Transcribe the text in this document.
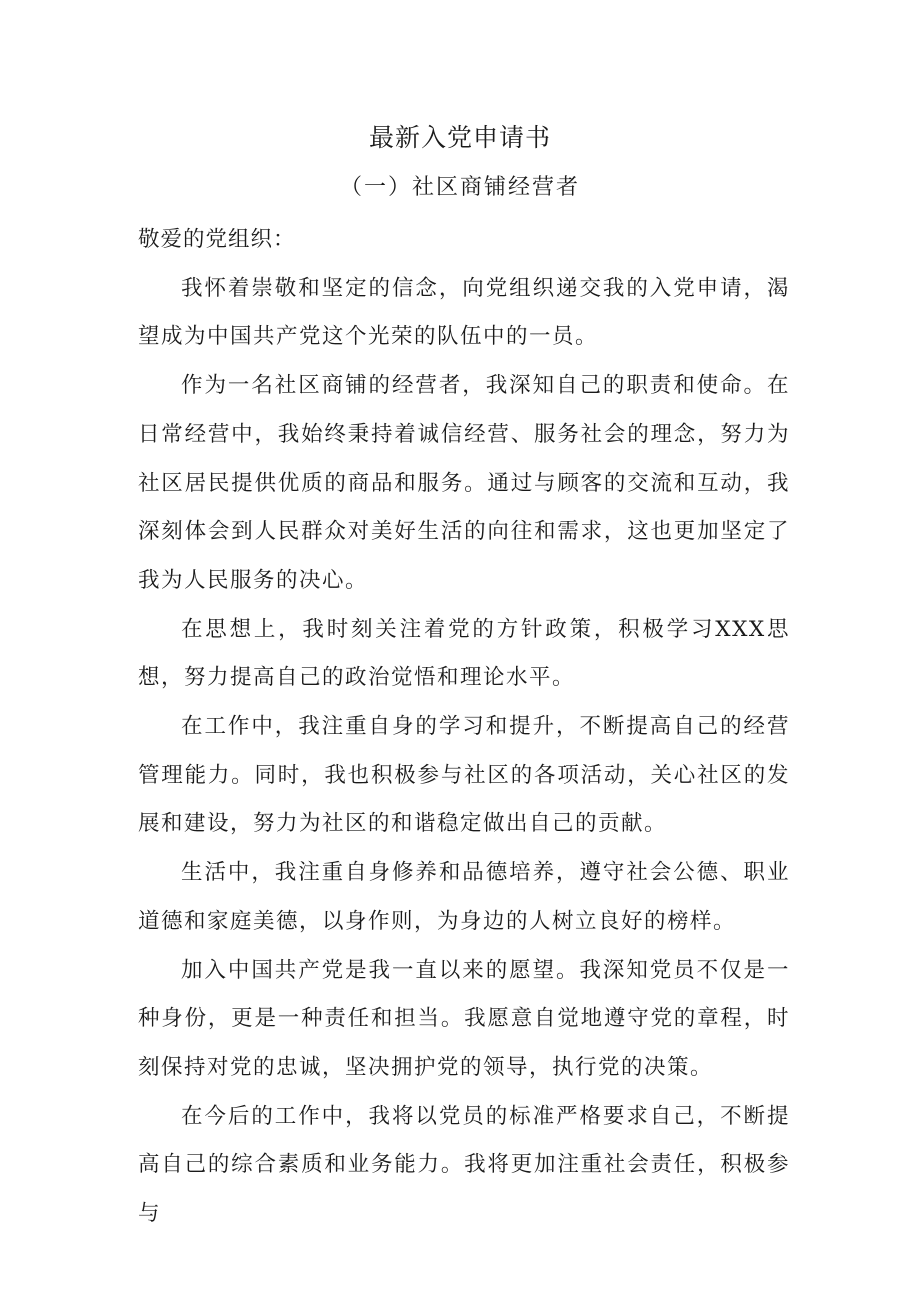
最新入党申请书
（一）社区商铺经营者

敬爱的党组织：

我怀着崇敬和坚定的信念，向党组织递交我的入党申请，渴望成为中国共产党这个光荣的队伍中的一员。

作为一名社区商铺的经营者，我深知自己的职责和使命。在日常经营中，我始终秉持着诚信经营、服务社会的理念，努力为社区居民提供优质的商品和服务。通过与顾客的交流和互动，我深刻体会到人民群众对美好生活的向往和需求，这也更加坚定了我为人民服务的决心。

在思想上，我时刻关注着党的方针政策，积极学习XXX思想，努力提高自己的政治觉悟和理论水平。

在工作中，我注重自身的学习和提升，不断提高自己的经营管理能力。同时，我也积极参与社区的各项活动，关心社区的发展和建设，努力为社区的和谐稳定做出自己的贡献。

生活中，我注重自身修养和品德培养，遵守社会公德、职业道德和家庭美德，以身作则，为身边的人树立良好的榜样。

加入中国共产党是我一直以来的愿望。我深知党员不仅是一种身份，更是一种责任和担当。我愿意自觉地遵守党的章程，时刻保持对党的忠诚，坚决拥护党的领导，执行党的决策。

在今后的工作中，我将以党员的标准严格要求自己，不断提高自己的综合素质和业务能力。我将更加注重社会责任，积极参与
